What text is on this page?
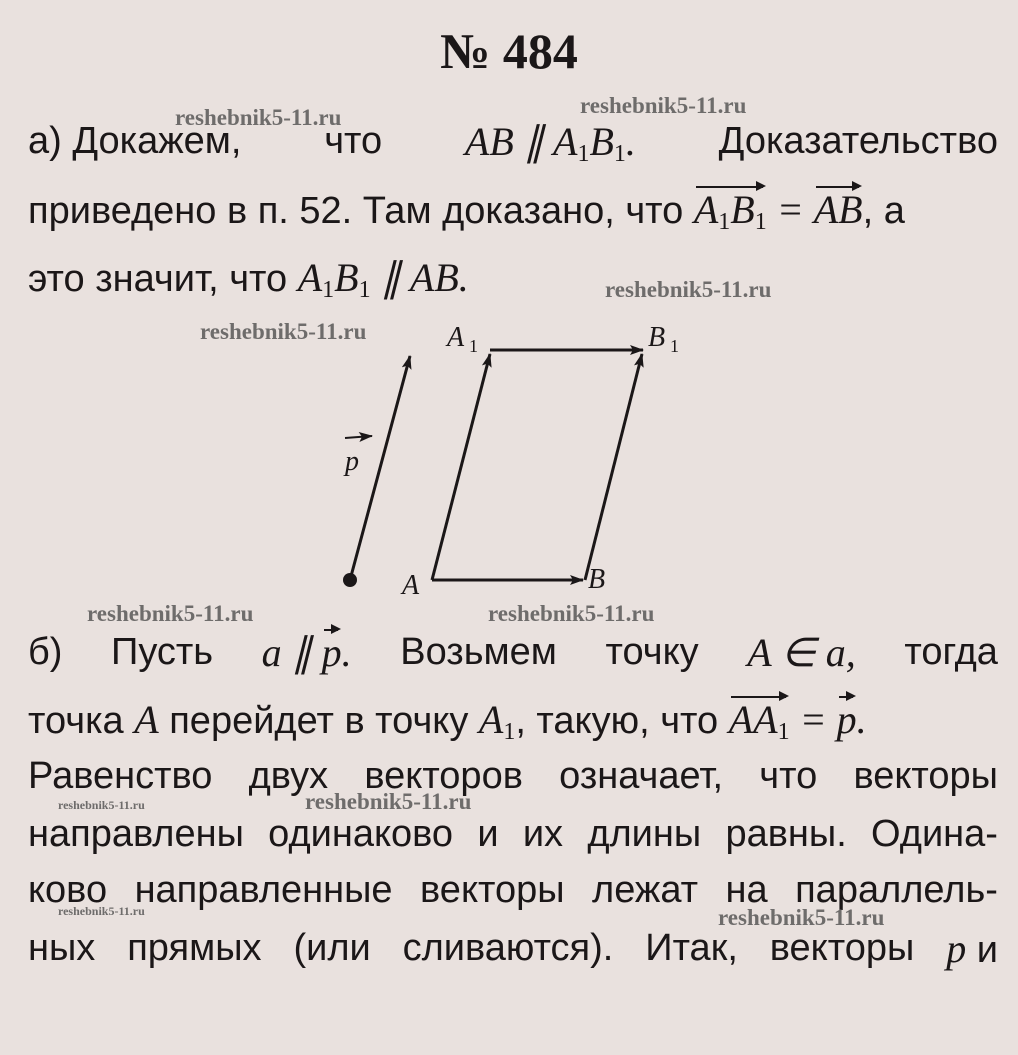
№ 484
а) Докажем, что AB ∥ $A_1B_1$. Доказательство
приведено в п. 52. Там доказано, что $A_1B_1$ = AB, а
это значит, что $A_1B_1$ ∥ AB.
A 1	B 1
A	B
p
б) Пусть a ∥ p. Возьмем точку A ∈ a, тогда
точка A перейдет в точку $A_1$, такую, что $AA_1 = p$.
Равенство двух векторов означает, что векторы
направлены одинаково и их длины равны. Одина-
ково направленные векторы лежат на параллель-
ных прямых (или сливаются). Итак, векторы p и
reshebnik5-11.ru	reshebnik5-11.ru
reshebnik5-11.ru
reshebnik5-11.ru
reshebnik5-11.ru	reshebnik5-11.ru
reshebnik5-11.ru
reshebnik5-11.ru
reshebnik5-11.ru
reshebnik5-11.ru
